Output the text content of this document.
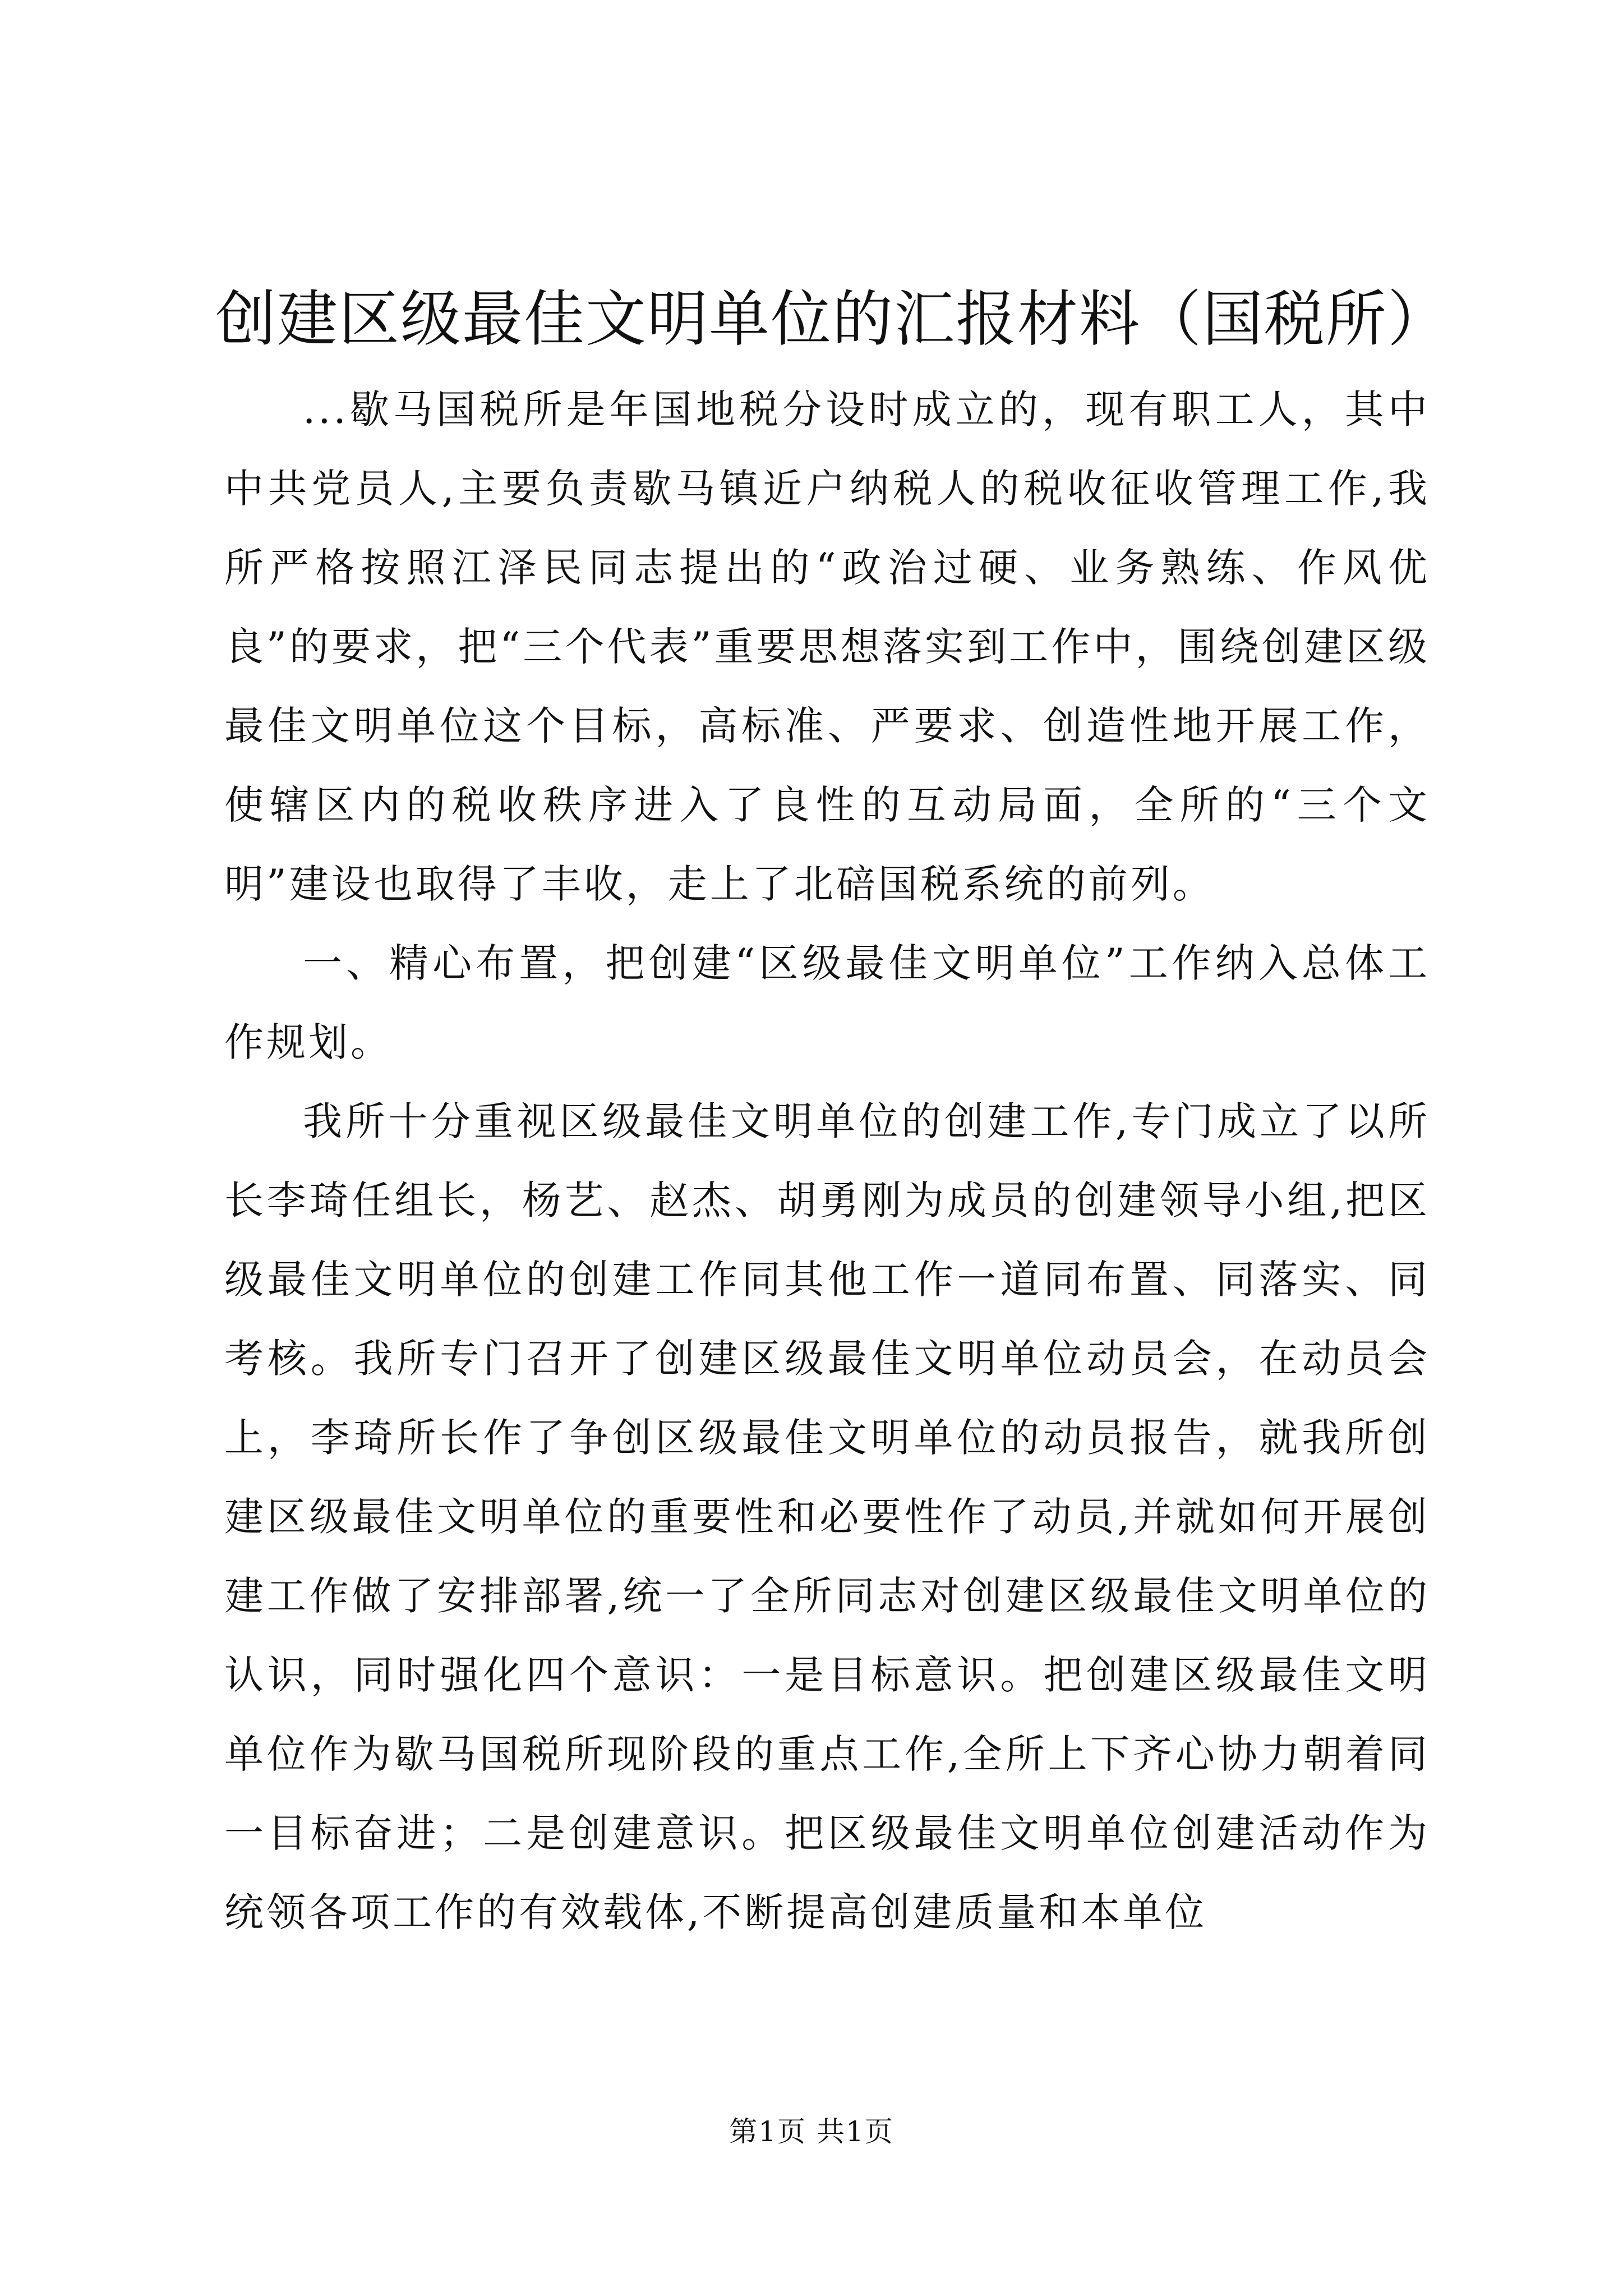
创建区级最佳文明单位的汇报材料（国税所）

...歇马国税所是年国地税分设时成立的，现有职工人，其中中共党员人,主要负责歇马镇近户纳税人的税收征收管理工作,我所严格按照江泽民同志提出的“政治过硬、业务熟练、作风优良”的要求，把“三个代表”重要思想落实到工作中，围绕创建区级最佳文明单位这个目标，高标准、严要求、创造性地开展工作，使辖区内的税收秩序进入了良性的互动局面，全所的“三个文明”建设也取得了丰收，走上了北碚国税系统的前列。

一、精心布置，把创建“区级最佳文明单位”工作纳入总体工作规划。

我所十分重视区级最佳文明单位的创建工作,专门成立了以所长李琦任组长，杨艺、赵杰、胡勇刚为成员的创建领导小组,把区级最佳文明单位的创建工作同其他工作一道同布置、同落实、同考核。我所专门召开了创建区级最佳文明单位动员会，在动员会上，李琦所长作了争创区级最佳文明单位的动员报告，就我所创建区级最佳文明单位的重要性和必要性作了动员,并就如何开展创建工作做了安排部署,统一了全所同志对创建区级最佳文明单位的认识，同时强化四个意识：一是目标意识。把创建区级最佳文明单位作为歇马国税所现阶段的重点工作,全所上下齐心协力朝着同一目标奋进；二是创建意识。把区级最佳文明单位创建活动作为统领各项工作的有效载体,不断提高创建质量和本单位

第1页 共1页
